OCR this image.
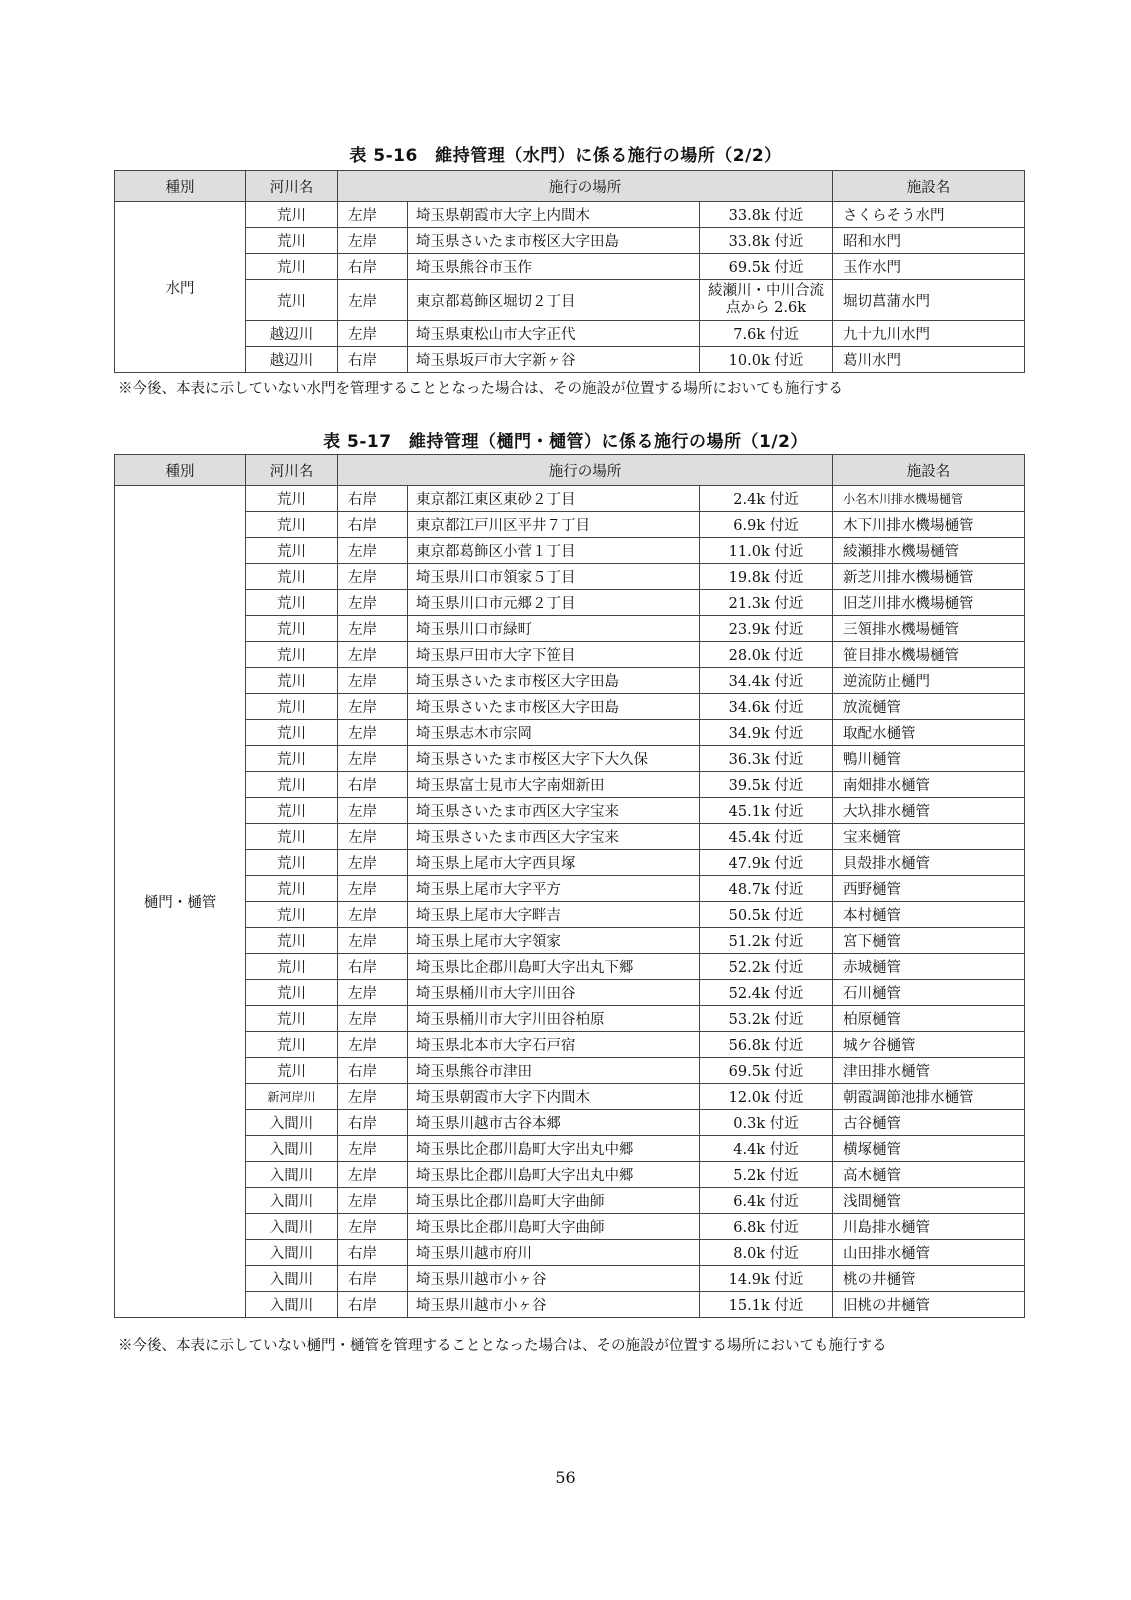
表 5-16　維持管理（水門）に係る施行の場所（2/2）
種別	河川名	施行の場所			施設名
水門	荒川	左岸	埼玉県朝霞市大字上内間木	33.8k 付近	さくらそう水門
	荒川	左岸	埼玉県さいたま市桜区大字田島	33.8k 付近	昭和水門
	荒川	右岸	埼玉県熊谷市玉作	69.5k 付近	玉作水門
	荒川	左岸	東京都葛飾区堀切２丁目	綾瀬川・中川合流点から 2.6k	堀切菖蒲水門
	越辺川	左岸	埼玉県東松山市大字正代	7.6k 付近	九十九川水門
	越辺川	右岸	埼玉県坂戸市大字新ヶ谷	10.0k 付近	葛川水門
※今後、本表に示していない水門を管理することとなった場合は、その施設が位置する場所においても施行する
表 5-17　維持管理（樋門・樋管）に係る施行の場所（1/2）
種別	河川名	施行の場所			施設名
樋門・樋管	荒川	右岸	東京都江東区東砂２丁目	2.4k 付近	小名木川排水機場樋管
	荒川	右岸	東京都江戸川区平井７丁目	6.9k 付近	木下川排水機場樋管
	荒川	左岸	東京都葛飾区小菅１丁目	11.0k 付近	綾瀬排水機場樋管
	荒川	左岸	埼玉県川口市領家５丁目	19.8k 付近	新芝川排水機場樋管
	荒川	左岸	埼玉県川口市元郷２丁目	21.3k 付近	旧芝川排水機場樋管
	荒川	左岸	埼玉県川口市緑町	23.9k 付近	三領排水機場樋管
	荒川	左岸	埼玉県戸田市大字下笹目	28.0k 付近	笹目排水機場樋管
	荒川	左岸	埼玉県さいたま市桜区大字田島	34.4k 付近	逆流防止樋門
	荒川	左岸	埼玉県さいたま市桜区大字田島	34.6k 付近	放流樋管
	荒川	左岸	埼玉県志木市宗岡	34.9k 付近	取配水樋管
	荒川	左岸	埼玉県さいたま市桜区大字下大久保	36.3k 付近	鴨川樋管
	荒川	右岸	埼玉県富士見市大字南畑新田	39.5k 付近	南畑排水樋管
	荒川	左岸	埼玉県さいたま市西区大字宝来	45.1k 付近	大圦排水樋管
	荒川	左岸	埼玉県さいたま市西区大字宝来	45.4k 付近	宝来樋管
	荒川	左岸	埼玉県上尾市大字西貝塚	47.9k 付近	貝殻排水樋管
	荒川	左岸	埼玉県上尾市大字平方	48.7k 付近	西野樋管
	荒川	左岸	埼玉県上尾市大字畔吉	50.5k 付近	本村樋管
	荒川	左岸	埼玉県上尾市大字領家	51.2k 付近	宮下樋管
	荒川	右岸	埼玉県比企郡川島町大字出丸下郷	52.2k 付近	赤城樋管
	荒川	左岸	埼玉県桶川市大字川田谷	52.4k 付近	石川樋管
	荒川	左岸	埼玉県桶川市大字川田谷柏原	53.2k 付近	柏原樋管
	荒川	左岸	埼玉県北本市大字石戸宿	56.8k 付近	城ケ谷樋管
	荒川	右岸	埼玉県熊谷市津田	69.5k 付近	津田排水樋管
	新河岸川	左岸	埼玉県朝霞市大字下内間木	12.0k 付近	朝霞調節池排水樋管
	入間川	右岸	埼玉県川越市古谷本郷	0.3k 付近	古谷樋管
	入間川	左岸	埼玉県比企郡川島町大字出丸中郷	4.4k 付近	横塚樋管
	入間川	左岸	埼玉県比企郡川島町大字出丸中郷	5.2k 付近	高木樋管
	入間川	左岸	埼玉県比企郡川島町大字曲師	6.4k 付近	浅間樋管
	入間川	左岸	埼玉県比企郡川島町大字曲師	6.8k 付近	川島排水樋管
	入間川	右岸	埼玉県川越市府川	8.0k 付近	山田排水樋管
	入間川	右岸	埼玉県川越市小ヶ谷	14.9k 付近	桃の井樋管
	入間川	右岸	埼玉県川越市小ヶ谷	15.1k 付近	旧桃の井樋管
※今後、本表に示していない樋門・樋管を管理することとなった場合は、その施設が位置する場所においても施行する
56
